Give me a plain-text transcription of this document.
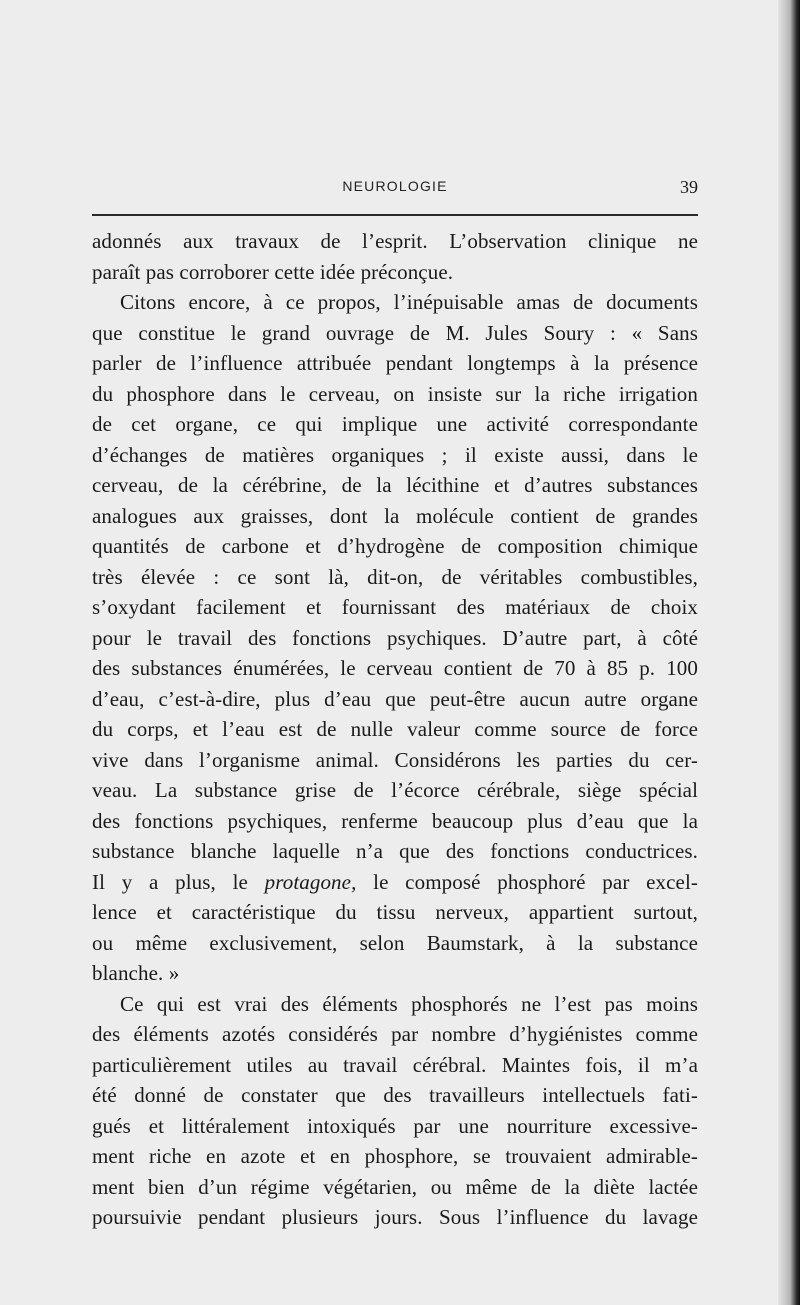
NEUROLOGIE	39
adonnés aux travaux de l’esprit. L’observation clinique ne
paraît pas corroborer cette idée préconçue.
Citons encore, à ce propos, l’inépuisable amas de documents
que constitue le grand ouvrage de M. Jules Soury : « Sans
parler de l’influence attribuée pendant longtemps à la présence
du phosphore dans le cerveau, on insiste sur la riche irrigation
de cet organe, ce qui implique une activité correspondante
d’échanges de matières organiques ; il existe aussi, dans le
cerveau, de la cérébrine, de la lécithine et d’autres substances
analogues aux graisses, dont la molécule contient de grandes
quantités de carbone et d’hydrogène de composition chimique
très élevée : ce sont là, dit-on, de véritables combustibles,
s’oxydant facilement et fournissant des matériaux de choix
pour le travail des fonctions psychiques. D’autre part, à côté
des substances énumérées, le cerveau contient de 70 à 85 p. 100
d’eau, c’est-à-dire, plus d’eau que peut-être aucun autre organe
du corps, et l’eau est de nulle valeur comme source de force
vive dans l’organisme animal. Considérons les parties du cer-
veau. La substance grise de l’écorce cérébrale, siège spécial
des fonctions psychiques, renferme beaucoup plus d’eau que la
substance blanche laquelle n’a que des fonctions conductrices.
Il y a plus, le protagone, le composé phosphoré par excel-
lence et caractéristique du tissu nerveux, appartient surtout,
ou même exclusivement, selon Baumstark, à la substance
blanche. »
Ce qui est vrai des éléments phosphorés ne l’est pas moins
des éléments azotés considérés par nombre d’hygiénistes comme
particulièrement utiles au travail cérébral. Maintes fois, il m’a
été donné de constater que des travailleurs intellectuels fati-
gués et littéralement intoxiqués par une nourriture excessive-
ment riche en azote et en phosphore, se trouvaient admirable-
ment bien d’un régime végétarien, ou même de la diète lactée
poursuivie pendant plusieurs jours. Sous l’influence du lavage
